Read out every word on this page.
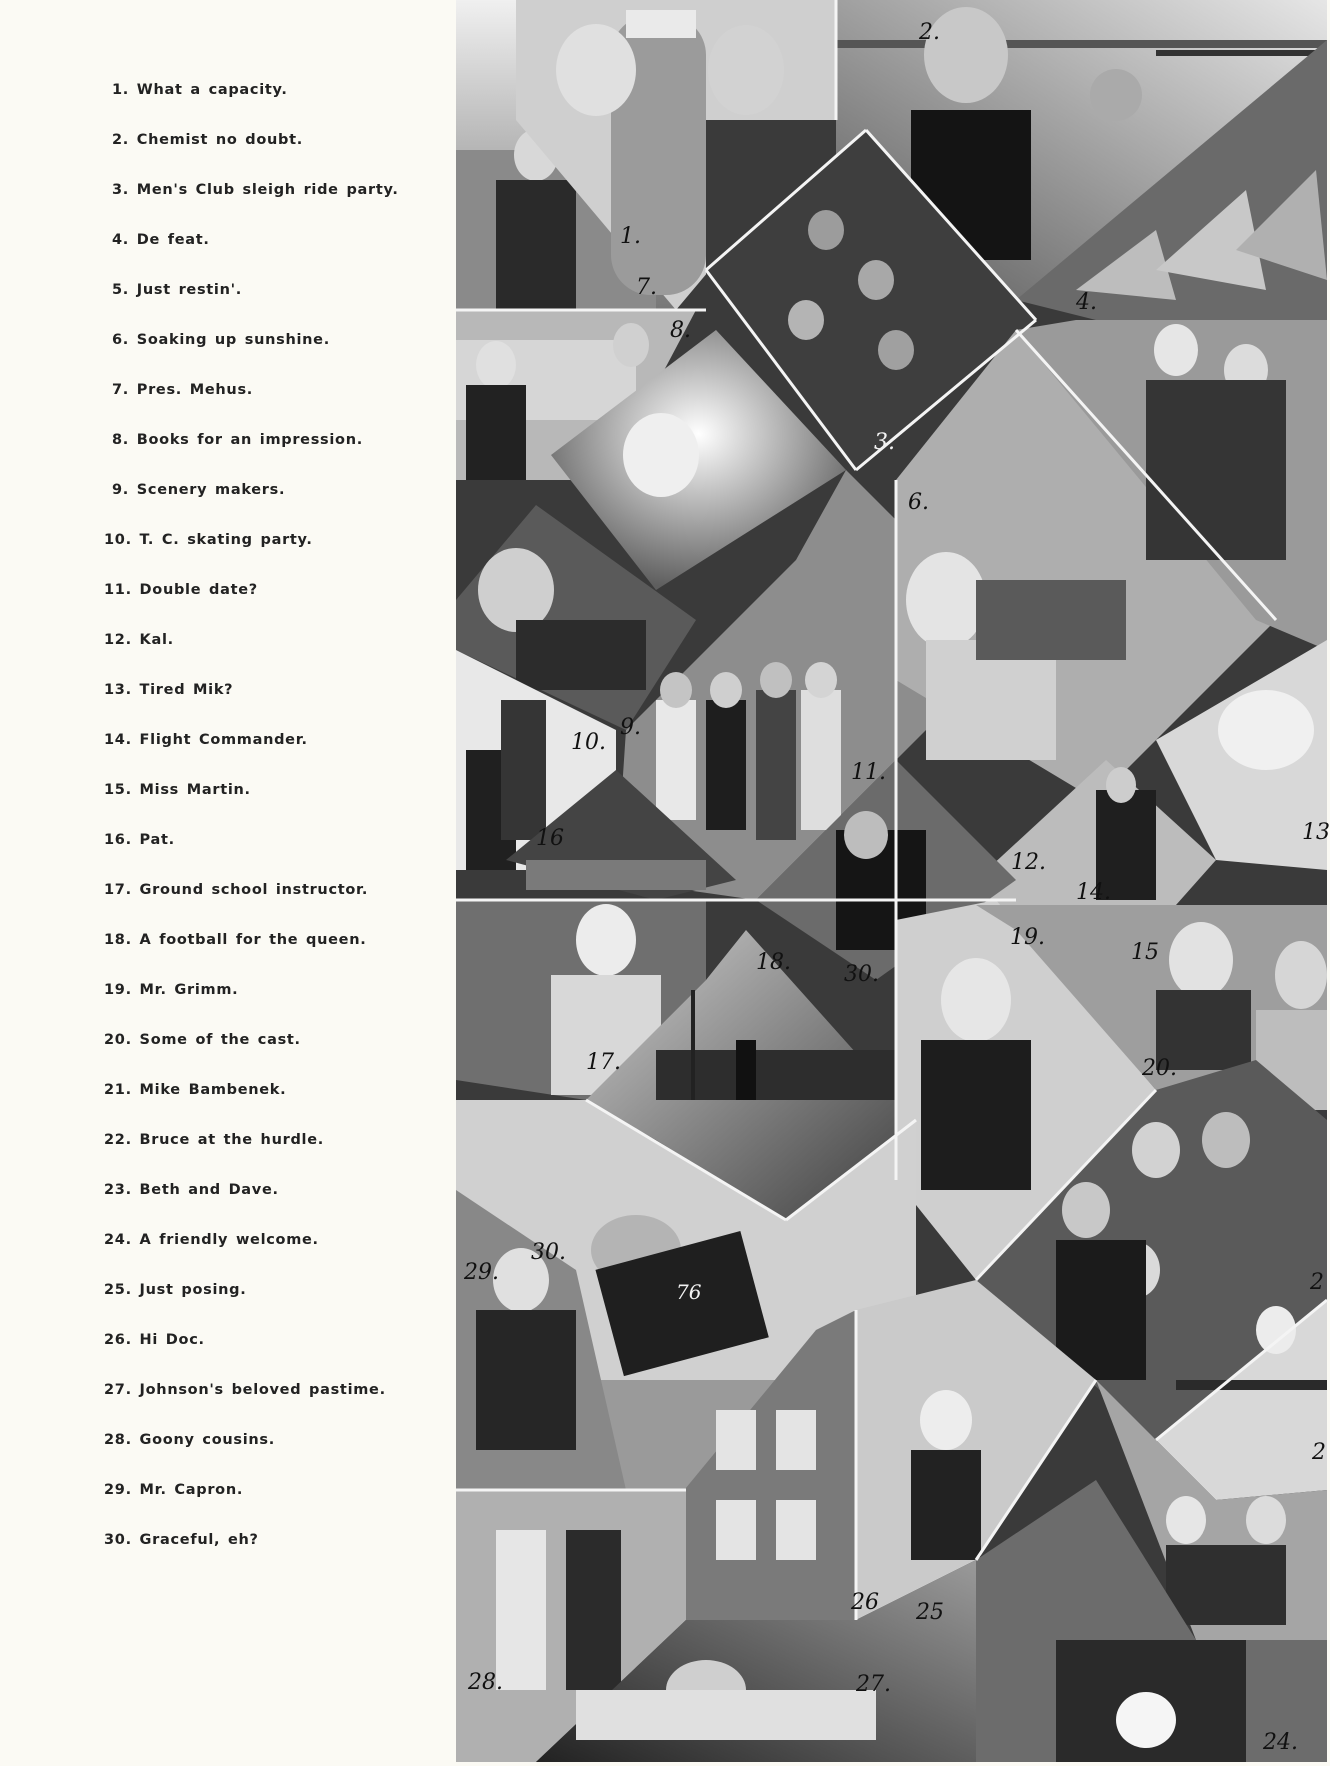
1. What a capacity.
2. Chemist no doubt.
3. Men's Club sleigh ride party.
4. De feat.
5. Just restin'.
6. Soaking up sunshine.
7. Pres. Mehus.
8. Books for an impression.
9. Scenery makers.
10. T. C. skating party.
11. Double date?
12. Kal.
13. Tired Mik?
14. Flight Commander.
15. Miss Martin.
16. Pat.
17. Ground school instructor.
18. A football for the queen.
19. Mr. Grimm.
20. Some of the cast.
21. Mike Bambenek.
22. Bruce at the hurdle.
23. Beth and Dave.
24. A friendly welcome.
25. Just posing.
26. Hi Doc.
27. Johnson's beloved pastime.
28. Goony cousins.
29. Mr. Capron.
30. Graceful, eh?
1.
2.
3.
4.
6.
7.
8.
9.
10.
11.
12.
13
14.
15
16
17.
18.
19.
20.
2
24.
25
26
27.
28.
29.
30.
30.
2
76
